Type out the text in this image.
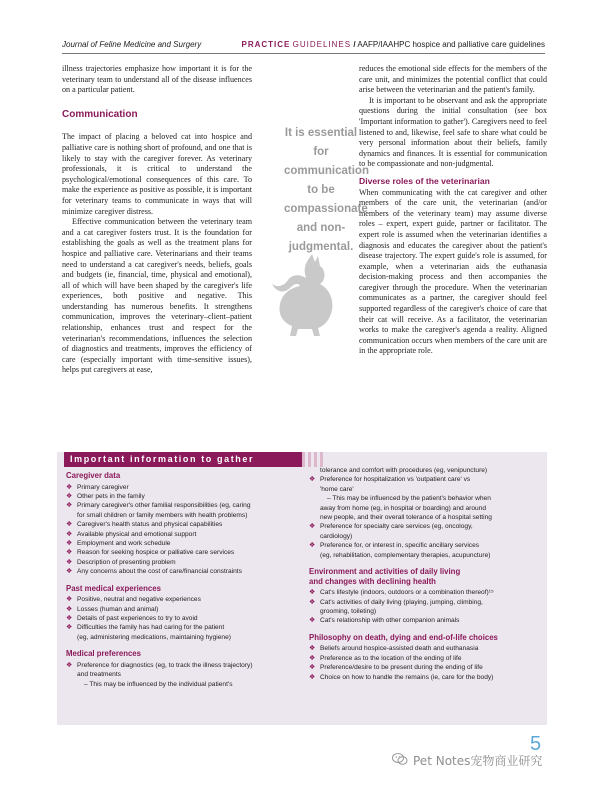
Journal of Feline Medicine and Surgery	PRACTICE GUIDELINES / AAFP/IAAHPC hospice and palliative care guidelines

illness trajectories emphasize how important it is for the veterinary team to understand all of the disease influences on a particular patient.

Communication

The impact of placing a beloved cat into hospice and palliative care is nothing short of profound, and one that is likely to stay with the caregiver forever. As veterinary professionals, it is critical to understand the psychological/emotional consequences of this care. To make the experience as positive as possible, it is important for veterinary teams to communicate in ways that will minimize caregiver distress.

Effective communication between the veterinary team and a cat caregiver fosters trust. It is the foundation for establishing the goals as well as the treatment plans for hospice and palliative care. Veterinarians and their teams need to understand a cat caregiver's needs, beliefs, goals and budgets (ie, financial, time, physical and emotional), all of which will have been shaped by the caregiver's life experiences, both positive and negative. This understanding has numerous benefits. It strengthens communication, improves the veterinary–client–patient relationship, enhances trust and respect for the veterinarian's recommendations, influences the selection of diagnostics and treatments, improves the efficiency of care (especially important with time-sensitive issues), helps put caregivers at ease,

It is essential for communication to be compassionate and non-judgmental.

reduces the emotional side effects for the members of the care unit, and minimizes the potential conflict that could arise between the veterinarian and the patient's family.

It is important to be observant and ask the appropriate questions during the initial consultation (see box 'Important information to gather'). Caregivers need to feel listened to and, likewise, feel safe to share what could be very personal information about their beliefs, family dynamics and finances. It is essential for communication to be compassionate and non-judgmental.

Diverse roles of the veterinarian

When communicating with the cat caregiver and other members of the care unit, the veterinarian (and/or members of the veterinary team) may assume diverse roles – expert, expert guide, partner or facilitator. The expert role is assumed when the veterinarian identifies a diagnosis and educates the caregiver about the patient's disease trajectory. The expert guide's role is assumed, for example, when a veterinarian aids the euthanasia decision-making process and then accompanies the caregiver through the procedure. When the veterinarian communicates as a partner, the caregiver should feel supported regardless of the caregiver's choice of care that their cat will receive. As a facilitator, the veterinarian works to make the caregiver's agenda a reality. Aligned communication occurs when members of the care unit are in the appropriate role.

Important information to gather
Caregiver data
❖ Primary caregiver
❖ Other pets in the family
❖ Primary caregiver's other familial responsibilities (eg, caring
for small children or family members with health problems)
❖ Caregiver's health status and physical capabilities
❖ Available physical and emotional support
❖ Employment and work schedule
❖ Reason for seeking hospice or palliative care services
❖ Description of presenting problem
❖ Any concerns about the cost of care/financial constraints
Past medical experiences
❖ Positive, neutral and negative experiences
❖ Losses (human and animal)
❖ Details of past experiences to try to avoid
❖ Difficulties the family has had caring for the patient
(eg, administering medications, maintaining hygiene)
Medical preferences
❖ Preference for diagnostics (eg, to track the illness trajectory)
and treatments
– This may be influenced by the individual patient's
tolerance and comfort with procedures (eg, venipuncture)
❖ Preference for hospitalization vs 'outpatient care' vs
'home care'
– This may be influenced by the patient's behavior when
away from home (eg, in hospital or boarding) and around
new people, and their overall tolerance of a hospital setting
❖ Preference for specialty care services (eg, oncology,
cardiology)
❖ Preference for, or interest in, specific ancillary services
(eg, rehabilitation, complementary therapies, acupuncture)
Environment and activities of daily living
and changes with declining health
❖ Cat's lifestyle (indoors, outdoors or a combination thereof)¹⁵
❖ Cat's activities of daily living (playing, jumping, climbing,
grooming, toileting)
❖ Cat's relationship with other companion animals
Philosophy on death, dying and end-of-life choices
❖ Beliefs around hospice-assisted death and euthanasia
❖ Preference as to the location of the ending of life
❖ Preference/desire to be present during the ending of life
❖ Choice on how to handle the remains (ie, care for the body)
5
Pet Notes宠物商业研究
